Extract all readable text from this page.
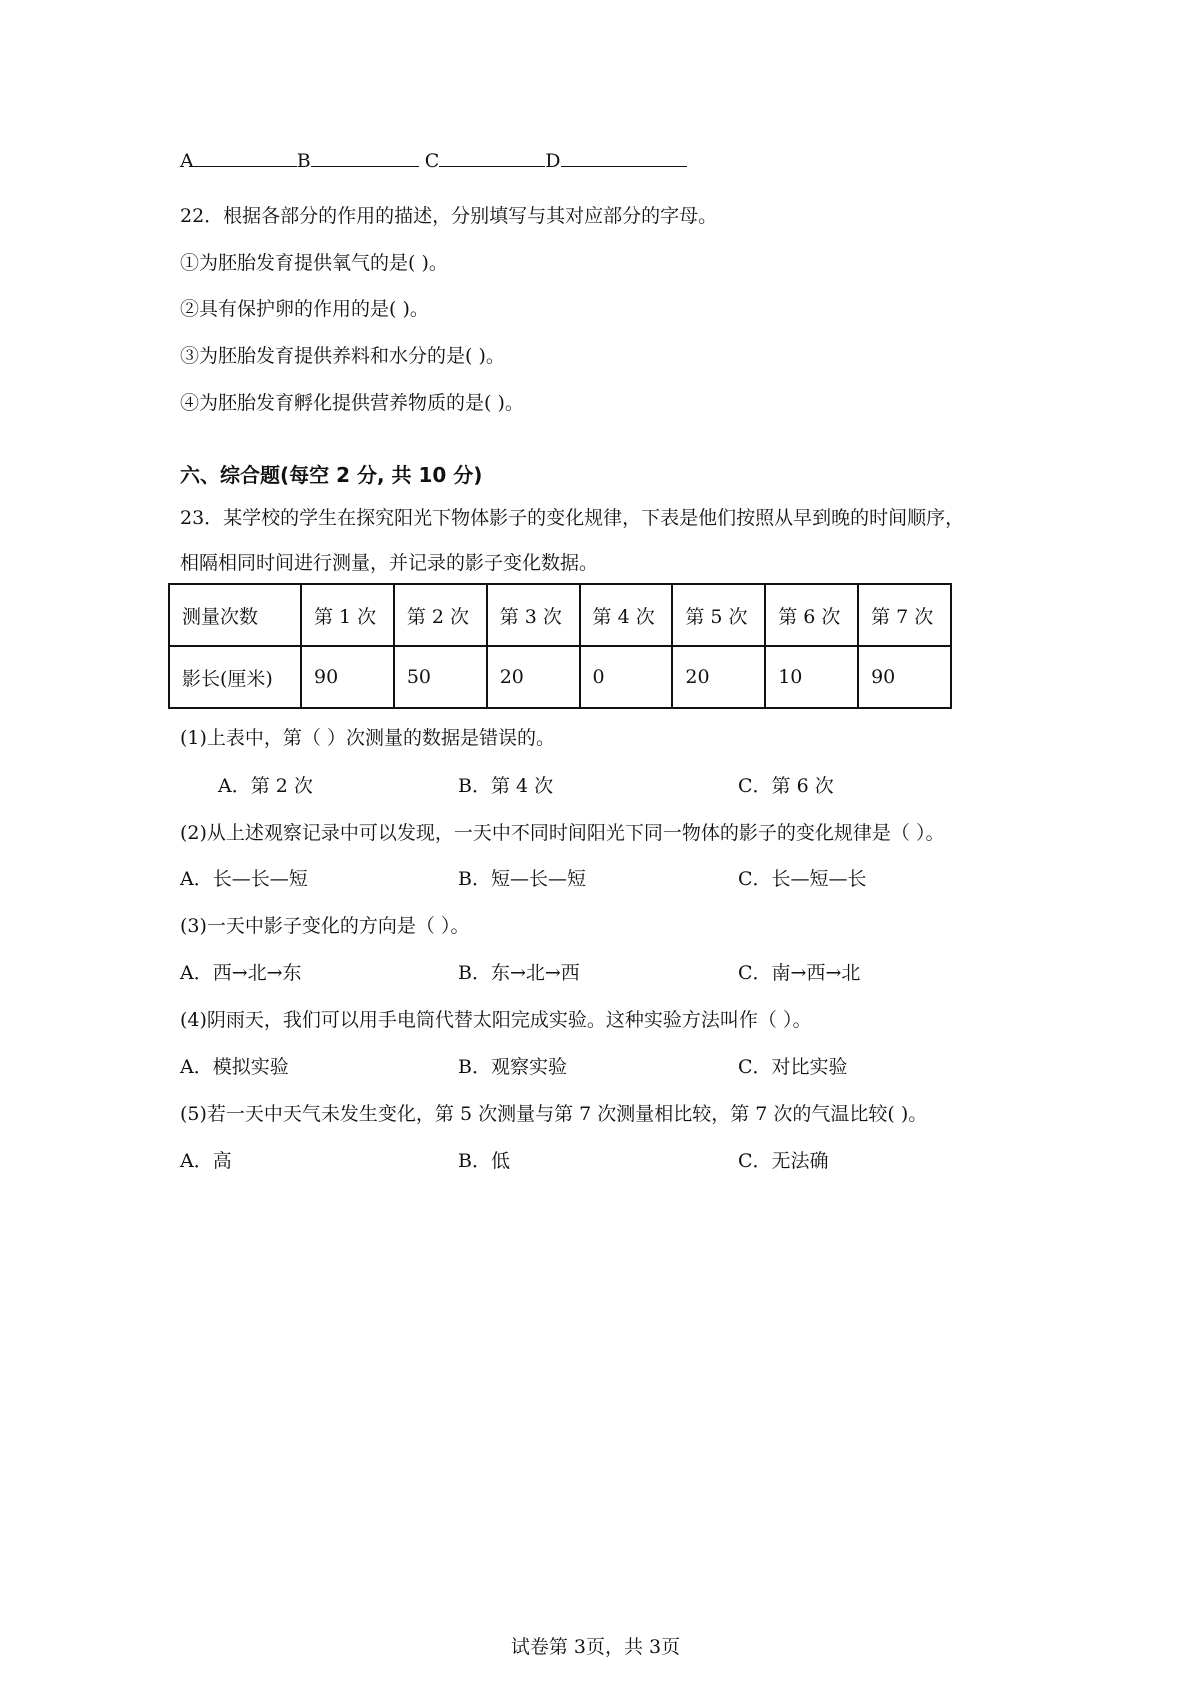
A	B	C	D
22．根据各部分的作用的描述，分别填写与其对应部分的字母。
①为胚胎发育提供氧气的是( )。
②具有保护卵的作用的是( )。
③为胚胎发育提供养料和水分的是( )。
④为胚胎发育孵化提供营养物质的是( )。
六、综合题(每空 2 分, 共 10 分)
23．某学校的学生在探究阳光下物体影子的变化规律，下表是他们按照从早到晚的时间顺序，
相隔相同时间进行测量，并记录的影子变化数据。
测量次数	第 1 次	第 2 次	第 3 次	第 4 次	第 5 次	第 6 次	第 7 次
影长(厘米)	90	50	20	0	20	10	90
(1)上表中，第（ ）次测量的数据是错误的。
A．第 2 次	B．第 4 次	C．第 6 次
(2)从上述观察记录中可以发现，一天中不同时间阳光下同一物体的影子的变化规律是（ ）。
A．长—长—短	B．短—长—短	C．长—短—长
(3)一天中影子变化的方向是（ ）。
A．西→北→东	B．东→北→西	C．南→西→北
(4)阴雨天，我们可以用手电筒代替太阳完成实验。这种实验方法叫作（ ）。
A．模拟实验	B．观察实验	C．对比实验
(5)若一天中天气未发生变化，第 5 次测量与第 7 次测量相比较，第 7 次的气温比较( )。
A．高	B．低	C．无法确
试卷第 3页，共 3页
